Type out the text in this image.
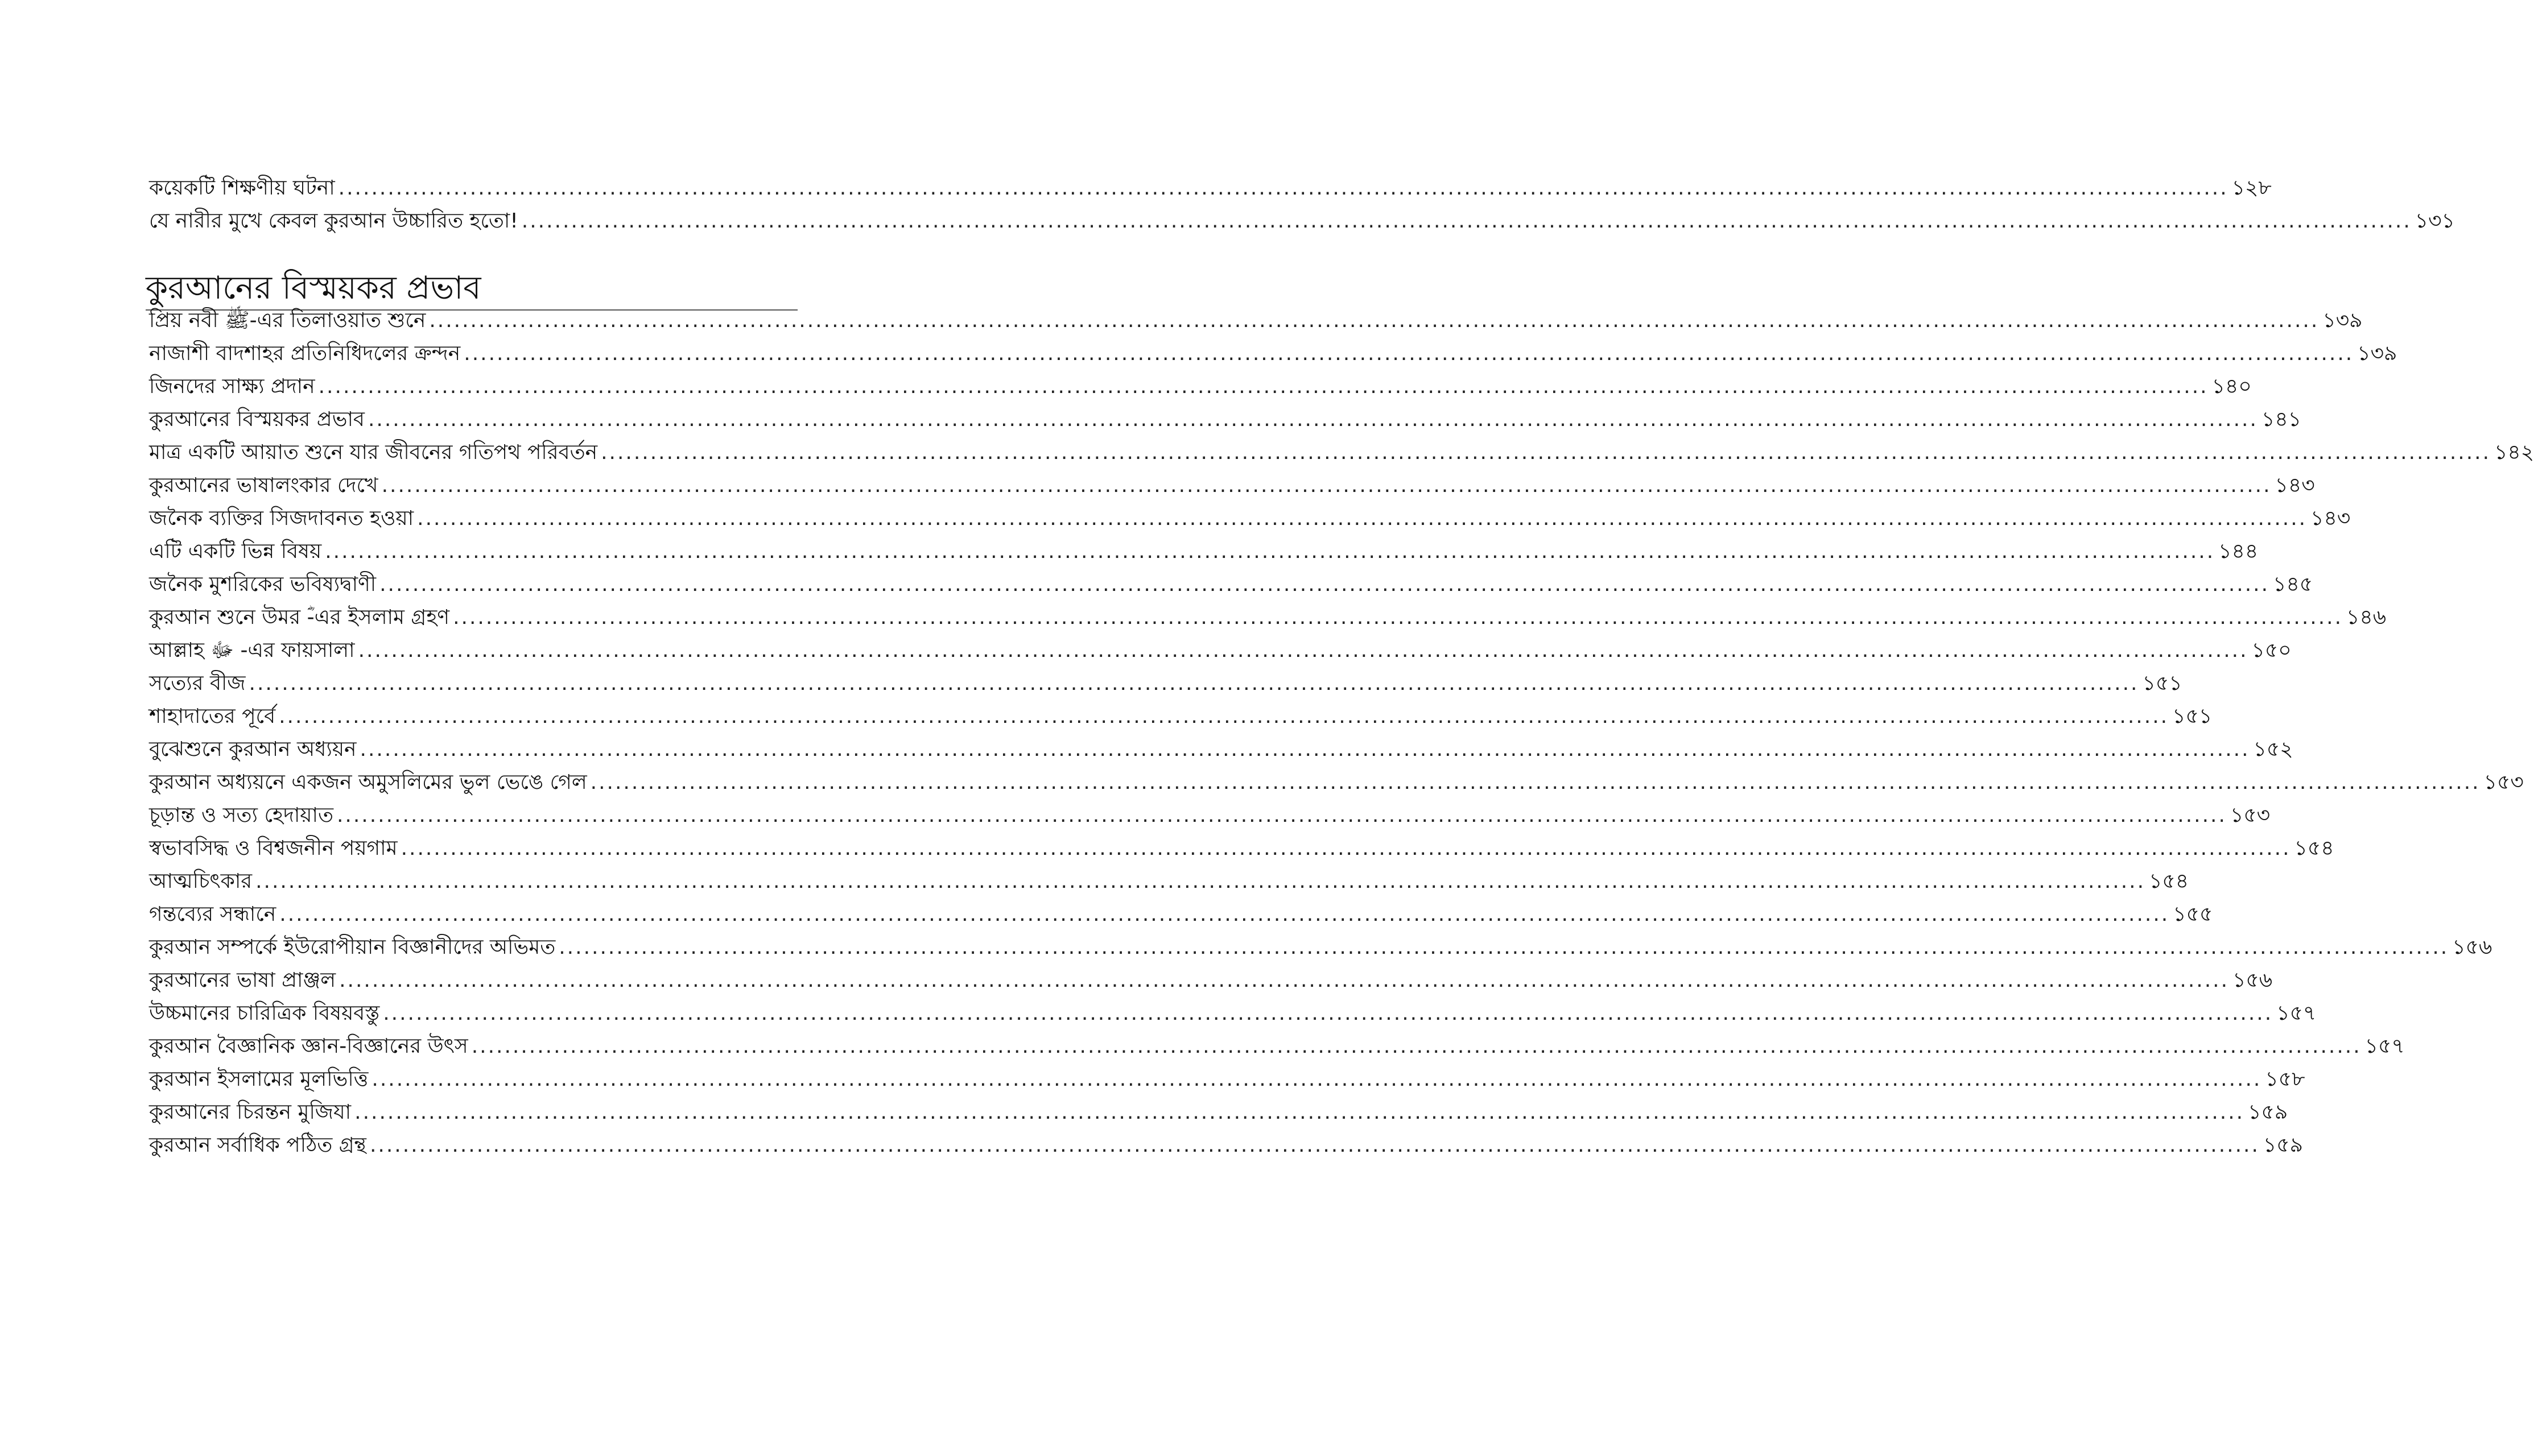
কয়েকটি শিক্ষণীয় ঘটনা .....	১২৮
যে নারীর মুখে কেবল কুরআন উচ্চারিত হতো! .....	১৩১
কুরআনের বিস্ময়কর প্রভাব
প্রিয় নবী ﷺ-এর তিলাওয়াত শুনে .....	১৩৯
নাজাশী বাদশাহর প্রতিনিধিদলের ক্রন্দন .....	১৩৯
জিনদের সাক্ষ্য প্রদান .....	১৪০
কুরআনের বিস্ময়কর প্রভাব .....	১৪১
মাত্র একটি আয়াত শুনে যার জীবনের গতিপথ পরিবর্তন .....	১৪২
কুরআনের ভাষালংকার দেখে .....	১৪৩
জনৈক ব্যক্তির সিজদাবনত হওয়া .....	১৪৩
এটি একটি ভিন্ন বিষয় .....	১৪৪
জনৈক মুশরিকের ভবিষ্যদ্বাণী .....	১৪৫
কুরআন শুনে উমর ؓ-এর ইসলাম গ্রহণ .....	১৪৬
আল্লাহ ﷻ -এর ফায়সালা .....	১৫০
সত্যের বীজ .....	১৫১
শাহাদাতের পূর্বে .....	১৫১
বুঝেশুনে কুরআন অধ্যয়ন .....	১৫২
কুরআন অধ্যয়নে একজন অমুসলিমের ভুল ভেঙে গেল .....	১৫৩
চূড়ান্ত ও সত্য হেদায়াত .....	১৫৩
স্বভাবসিদ্ধ ও বিশ্বজনীন পয়গাম .....	১৫৪
আত্মচিৎকার .....	১৫৪
গন্তব্যের সন্ধানে .....	১৫৫
কুরআন সম্পর্কে ইউরোপীয়ান বিজ্ঞানীদের অভিমত .....	১৫৬
কুরআনের ভাষা প্রাঞ্জল .....	১৫৬
উচ্চমানের চারিত্রিক বিষয়বস্তু .....	১৫৭
কুরআন বৈজ্ঞানিক জ্ঞান-বিজ্ঞানের উৎস .....	১৫৭
কুরআন ইসলামের মূলভিত্তি .....	১৫৮
কুরআনের চিরন্তন মুজিযা .....	১৫৯
কুরআন সর্বাধিক পঠিত গ্রন্থ .....	১৫৯
